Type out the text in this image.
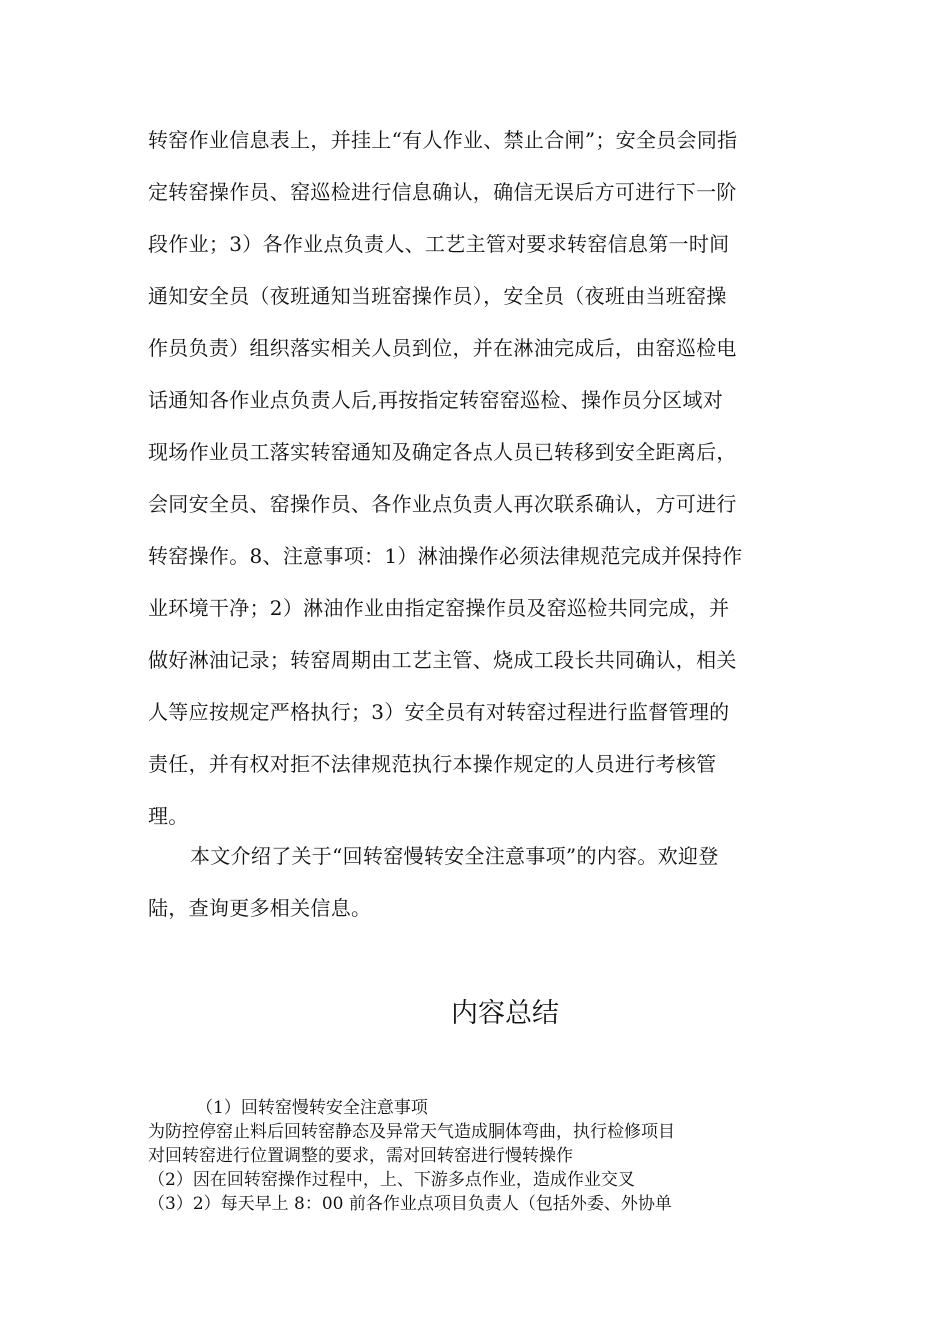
转窑作业信息表上，并挂上“有人作业、禁止合闸”；安全员会同指
定转窑操作员、窑巡检进行信息确认，确信无误后方可进行下一阶
段作业；3）各作业点负责人、工艺主管对要求转窑信息第一时间
通知安全员（夜班通知当班窑操作员），安全员（夜班由当班窑操
作员负责）组织落实相关人员到位，并在淋油完成后，由窑巡检电
话通知各作业点负责人后,再按指定转窑窑巡检、操作员分区域对
现场作业员工落实转窑通知及确定各点人员已转移到安全距离后，
会同安全员、窑操作员、各作业点负责人再次联系确认，方可进行
转窑操作。8、注意事项：1）淋油操作必须法律规范完成并保持作
业环境干净；2）淋油作业由指定窑操作员及窑巡检共同完成，并
做好淋油记录；转窑周期由工艺主管、烧成工段长共同确认，相关
人等应按规定严格执行；3）安全员有对转窑过程进行监督管理的
责任，并有权对拒不法律规范执行本操作规定的人员进行考核管
理。
本文介绍了关于“回转窑慢转安全注意事项”的内容。欢迎登
陆，查询更多相关信息。
内容总结
（1）回转窑慢转安全注意事项
为防控停窑止料后回转窑静态及异常天气造成胴体弯曲，执行检修项目
对回转窑进行位置调整的要求，需对回转窑进行慢转操作
（2）因在回转窑操作过程中，上、下游多点作业，造成作业交叉
（3）2）每天早上 8：00 前各作业点项目负责人（包括外委、外协单
